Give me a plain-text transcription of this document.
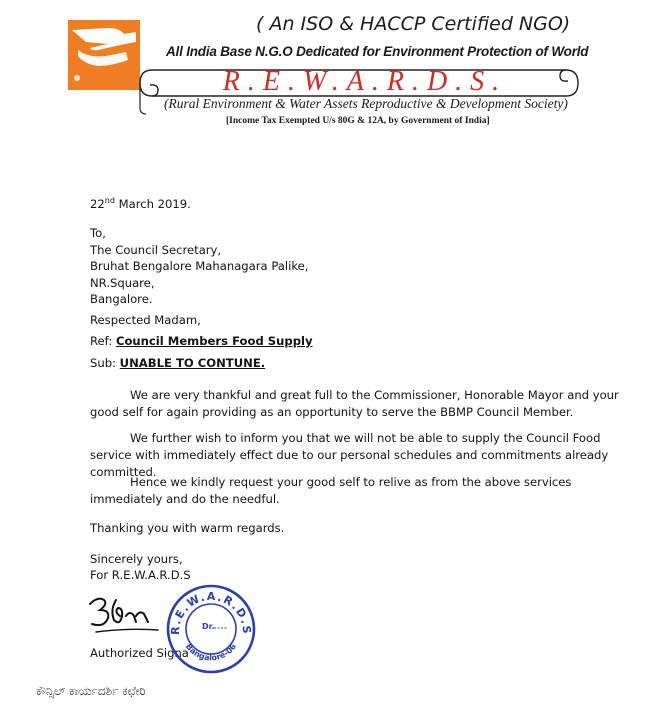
( An ISO & HACCP Certified NGO)

All India Base N.G.O Dedicated for Environment Protection of World

R.E.W.A.R.D.S.

(Rural Environment & Water Assets Reproductive & Development Society)

[Income Tax Exempted U/s 80G & 12A, by Government of India]

22nd March 2019.

To,

The Council Secretary,

Bruhat Bengalore Mahanagara Palike,

NR.Square,

Bangalore.

Respected Madam,

Ref: Council Members Food Supply

Sub: UNABLE TO CONTUNE.

We are very thankful and great full to the Commissioner, Honorable Mayor and your good self for again providing as an opportunity to serve the BBMP Council Member.

We further wish to inform you that we will not be able to supply the Council Food service with immediately effect due to our personal schedules and commitments already committed.

Hence we kindly request your good self to relive as from the above services immediately and do the needful.

Thanking you with warm regards.

Sincerely yours,

For R.E.W.A.R.D.S

Authorized Signa

R.E.W.A.R.D.S
Bangalore-06
Dr.

ಕೌನ್ಸಿಲ್ ಕಾರ್ಯದರ್ಶಿ ಕಛೇರಿ
